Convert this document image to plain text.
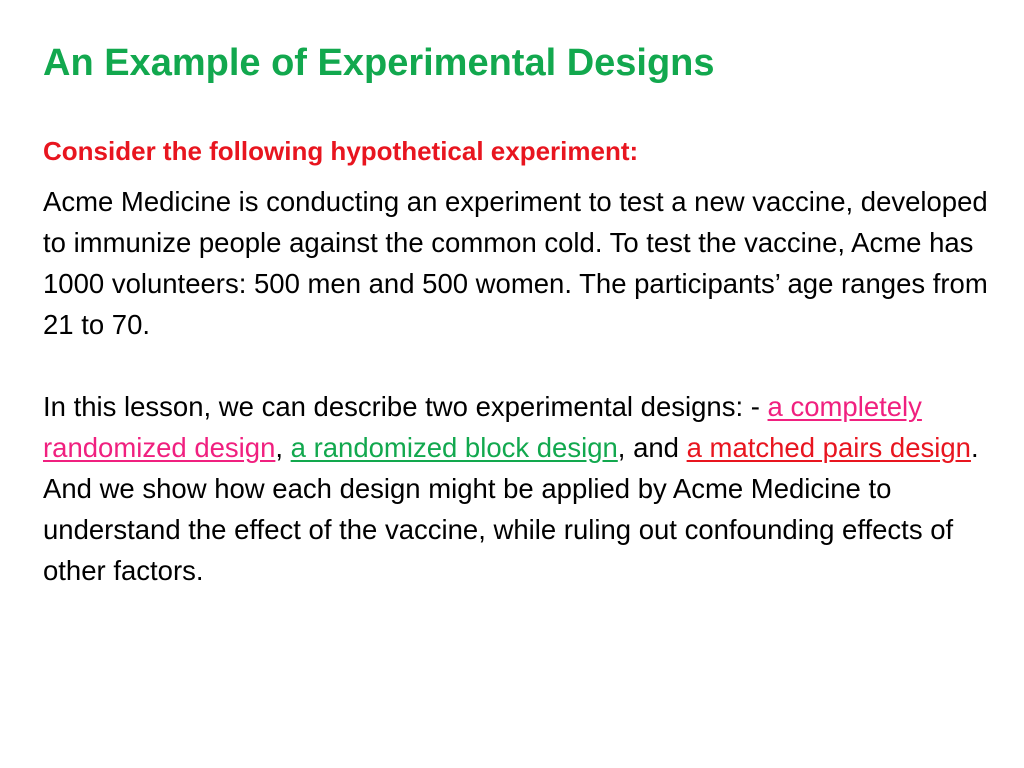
An Example of Experimental Designs

Consider the following hypothetical experiment:

Acme Medicine is conducting an experiment to test a new vaccine, developed to immunize people against the common cold. To test the vaccine, Acme has 1000 volunteers: 500 men and 500 women. The participants’ age ranges from 21 to 70.

In this lesson, we can describe two experimental designs: - a completely randomized design, a randomized block design, and a matched pairs design. And we show how each design might be applied by Acme Medicine to understand the effect of the vaccine, while ruling out confounding effects of other factors.
